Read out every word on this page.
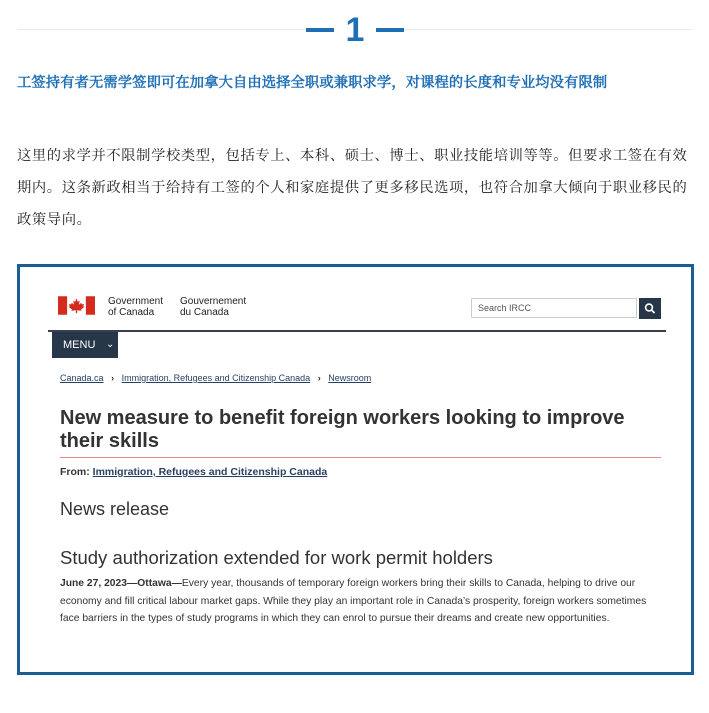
1
工签持有者无需学签即可在加拿大自由选择全职或兼职求学，对课程的长度和专业均没有限制
这里的求学并不限制学校类型，包括专上、本科、硕士、博士、职业技能培训等等。但要求工签在有效期内。这条新政相当于给持有工签的个人和家庭提供了更多移民选项，也符合加拿大倾向于职业移民的政策导向。
Government
of Canada
Gouvernement
du Canada	Search IRCC
MENU ⌄
Canada.ca › Immigration, Refugees and Citizenship Canada › Newsroom
New measure to benefit foreign workers looking to improve their skills
From: Immigration, Refugees and Citizenship Canada
News release
Study authorization extended for work permit holders
June 27, 2023—Ottawa—Every year, thousands of temporary foreign workers bring their skills to Canada, helping to drive our economy and fill critical labour market gaps. While they play an important role in Canada’s prosperity, foreign workers sometimes face barriers in the types of study programs in which they can enrol to pursue their dreams and create new opportunities.
